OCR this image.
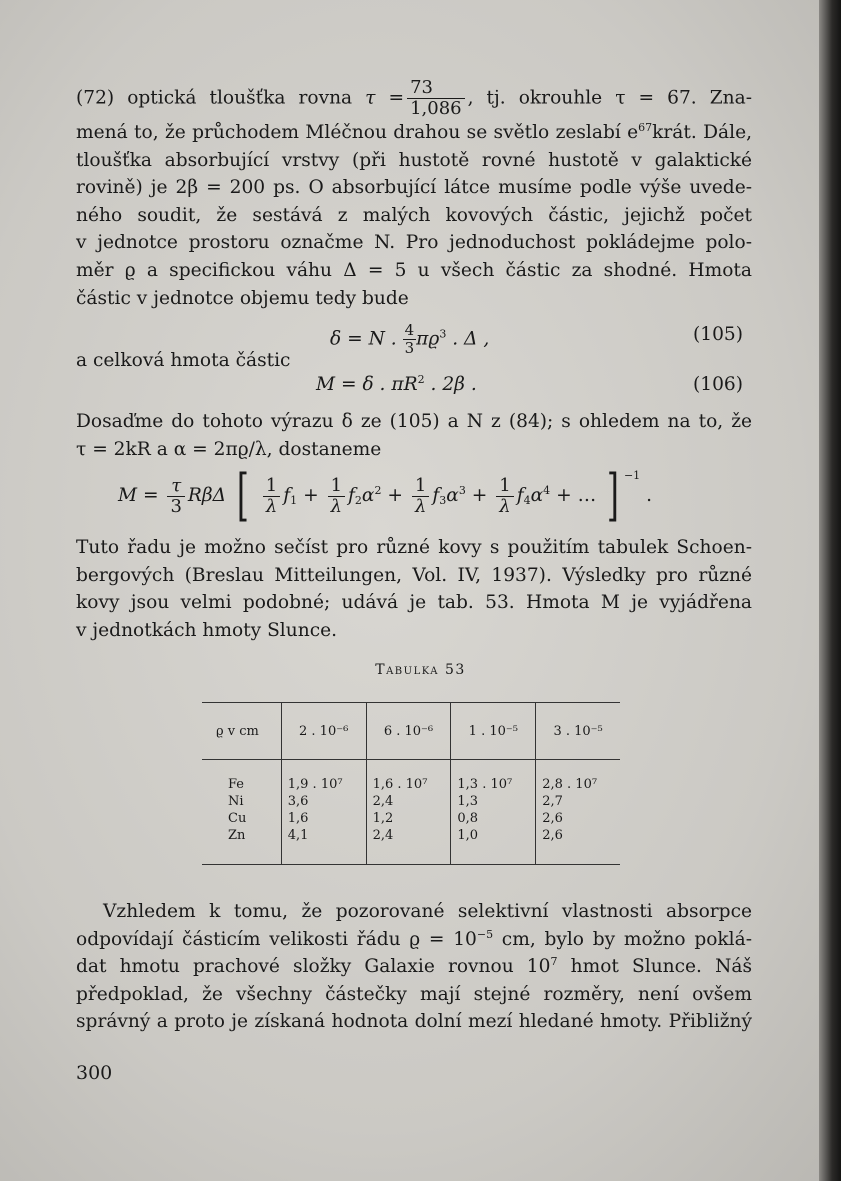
(72) optická tloušťka rovna $\tau = \frac{73}{1,086}$ , tj. okrouhle τ = 67. Zna-
mená to, že průchodem Mléčnou drahou se světlo zeslabí $e^{67}krát$. Dále,
tloušťka absorbující vrstvy (při hustotě rovné hustotě v galaktické
rovině) je 2β = 200 ps. O absorbující látce musíme podle výše uvede-
ného soudit, že sestává z malých kovových částic, jejichž počet
v jednotce prostoru označme N. Pro jednoduchost pokládejme polo-
měr ϱ a specifickou váhu Δ = 5 u všech částic za shodné. Hmota
částic v jednotce objemu tedy bude
δ = N . $\frac{4}{3} \pi ϱ^3$ . Δ ,	(105)
a celková hmota částic
M = δ . $\pi R^2$ . 2β .	(106)
Dosaďme do tohoto výrazu δ ze (105) a N z (84); s ohledem na to, že
τ = 2kR a α = 2πϱ/λ, dostaneme
$M = \frac{\tau}{3}$ RβΔ [ $\frac{1}{\lambda} f_1 + \frac{1}{\lambda} f_2\alpha^2 + \frac{1}{\lambda} f_3\alpha^3 + \frac{1}{\lambda} f_4\alpha^4$ + … ] $^{-1}$ .
Tuto řadu je možno sečíst pro různé kovy s použitím tabulek Schoen-
bergových (Breslau Mitteilungen, Vol. IV, 1937). Výsledky pro různé
kovy jsou velmi podobné; udává je tab. 53. Hmota M je vyjádřena
v jednotkách hmoty Slunce.
Tabulka 53
ϱ v cm	2 . 10⁻⁶	6 . 10⁻⁶	1 . 10⁻⁵	3 . 10⁻⁵

Fe	1,9 . 10⁷	1,6 . 10⁷	1,3 . 10⁷	2,8 . 10⁷
Ni	3,6	2,4	1,3	2,7
Cu	1,6	1,2	0,8	2,6
Zn	4,1	2,4	1,0	2,6

Vzhledem k tomu, že pozorované selektivní vlastnosti absorpce
odpovídají částicím velikosti řádu $ϱ = 10^{-5}$ cm, bylo by možno poklá-
dat hmotu prachové složky Galaxie rovnou $10^7$ hmot Slunce. Náš
předpoklad, že všechny částečky mají stejné rozměry, není ovšem
správný a proto je získaná hodnota dolní mezí hledané hmoty. Přibližný
300
